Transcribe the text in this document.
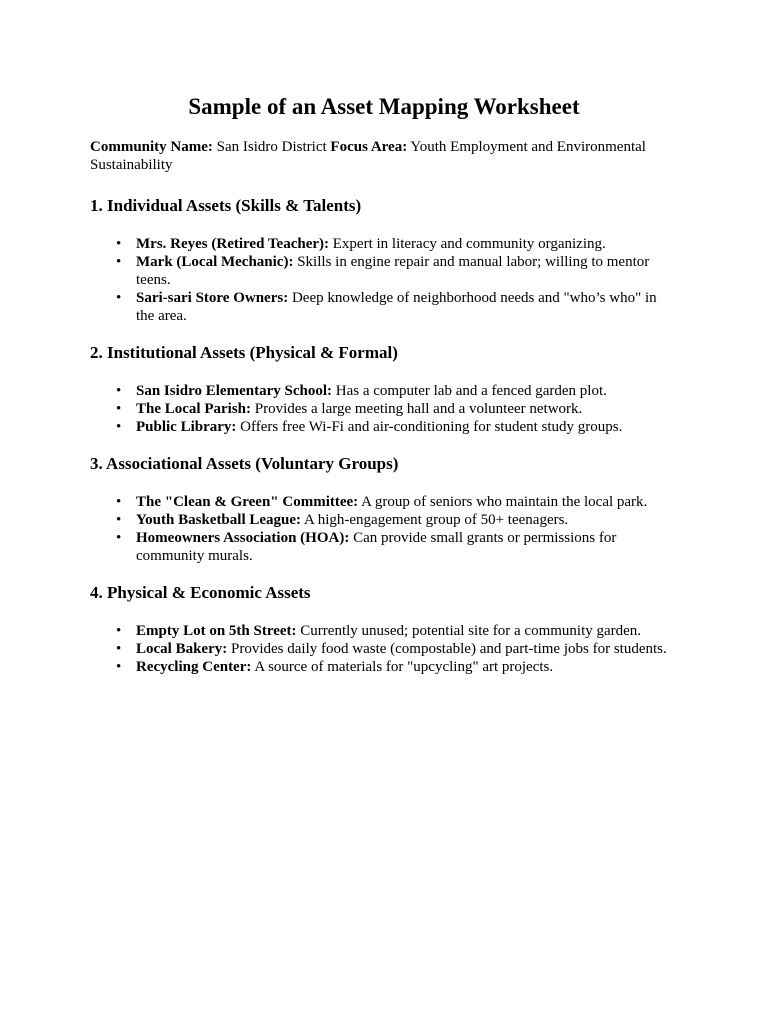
Sample of an Asset Mapping Worksheet

Community Name: San Isidro District Focus Area: Youth Employment and Environmental Sustainability

1. Individual Assets (Skills & Talents)
• Mrs. Reyes (Retired Teacher): Expert in literacy and community organizing.
• Mark (Local Mechanic): Skills in engine repair and manual labor; willing to mentor teens.
• Sari-sari Store Owners: Deep knowledge of neighborhood needs and "who’s who" in the area.
2. Institutional Assets (Physical & Formal)
• San Isidro Elementary School: Has a computer lab and a fenced garden plot.
• The Local Parish: Provides a large meeting hall and a volunteer network.
• Public Library: Offers free Wi-Fi and air-conditioning for student study groups.
3. Associational Assets (Voluntary Groups)
• The "Clean & Green" Committee: A group of seniors who maintain the local park.
• Youth Basketball League: A high-engagement group of 50+ teenagers.
• Homeowners Association (HOA): Can provide small grants or permissions for community murals.
4. Physical & Economic Assets
• Empty Lot on 5th Street: Currently unused; potential site for a community garden.
• Local Bakery: Provides daily food waste (compostable) and part-time jobs for students.
• Recycling Center: A source of materials for "upcycling" art projects.
